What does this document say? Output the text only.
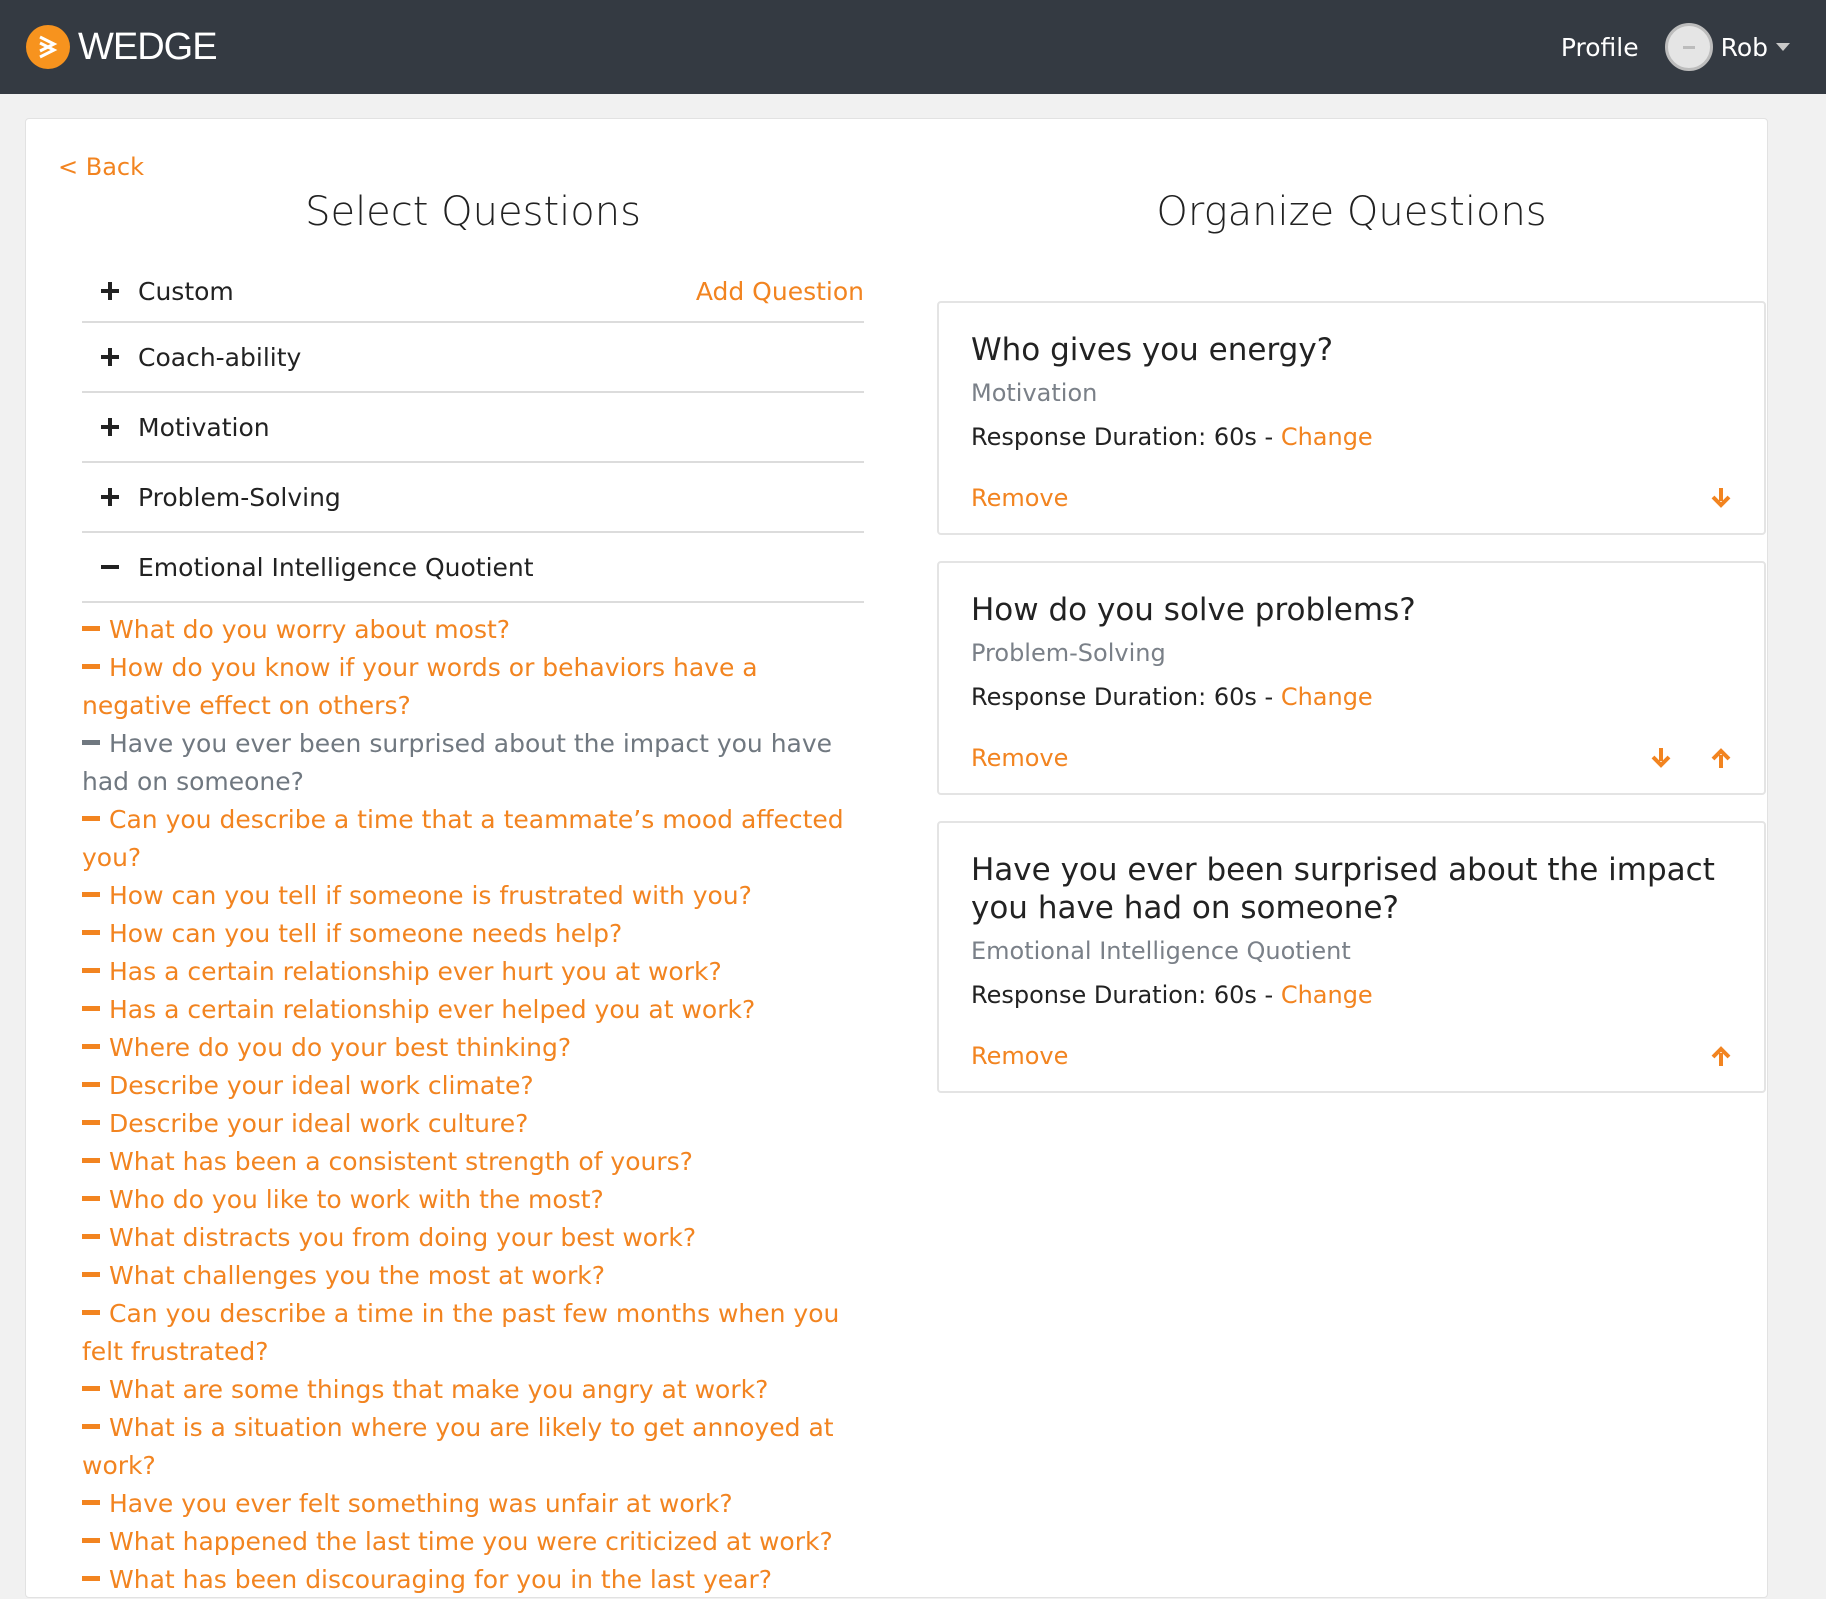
WEDGE	Profile	Rob
< Back
Select Questions
Custom	Add Question
Coach-ability
Motivation
Problem-Solving
Emotional Intelligence Quotient
What do you worry about most?
How do you know if your words or behaviors have a negative effect on others?
Have you ever been surprised about the impact you have had on someone?
Can you describe a time that a teammate’s mood affected you?
How can you tell if someone is frustrated with you?
How can you tell if someone needs help?
Has a certain relationship ever hurt you at work?
Has a certain relationship ever helped you at work?
Where do you do your best thinking?
Describe your ideal work climate?
Describe your ideal work culture?
What has been a consistent strength of yours?
Who do you like to work with the most?
What distracts you from doing your best work?
What challenges you the most at work?
Can you describe a time in the past few months when you felt frustrated?
What are some things that make you angry at work?
What is a situation where you are likely to get annoyed at work?
Have you ever felt something was unfair at work?
What happened the last time you were criticized at work?
What has been discouraging for you in the last year?
Organize Questions
Who gives you energy?
Motivation
Response Duration: 60s - Change
Remove
How do you solve problems?
Problem-Solving
Response Duration: 60s - Change
Remove
Have you ever been surprised about the impact you have had on someone?
Emotional Intelligence Quotient
Response Duration: 60s - Change
Remove
